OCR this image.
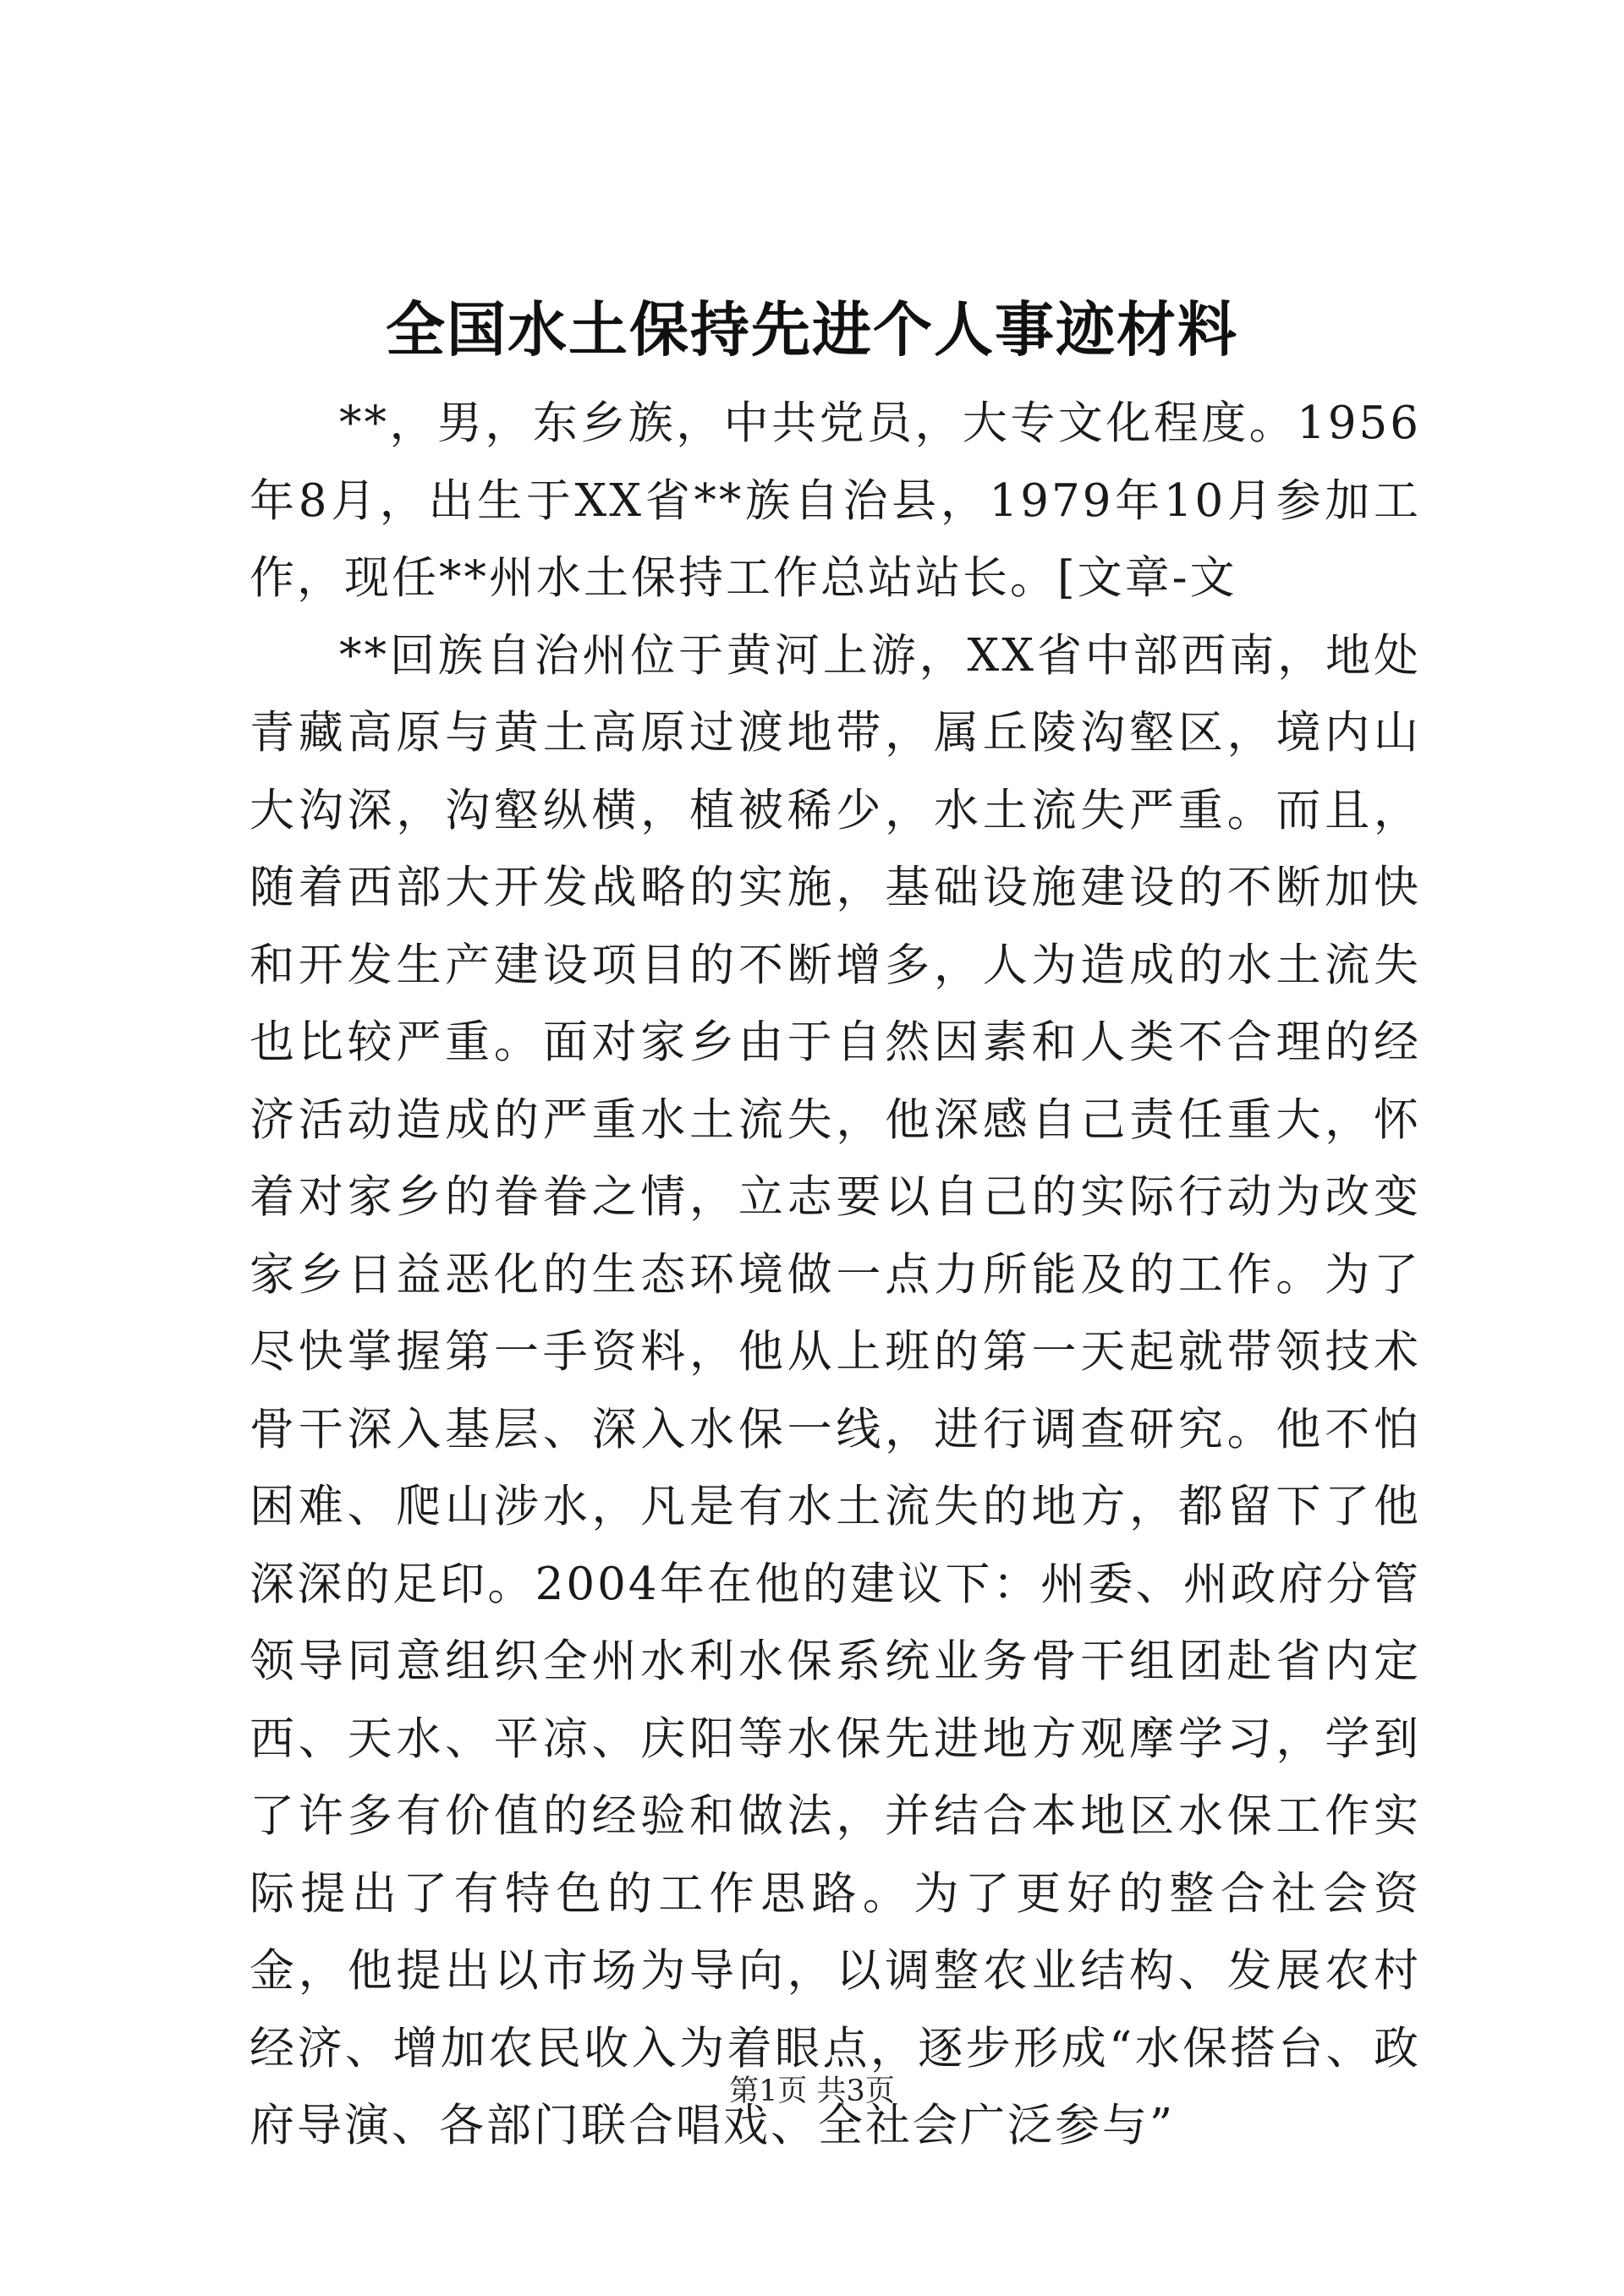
全国水土保持先进个人事迹材料

**，男，东乡族，中共党员，大专文化程度。1956年8月，出生于XX省**族自治县，1979年10月参加工作，现任**州水土保持工作总站站长。[文章-文

**回族自治州位于黄河上游，XX省中部西南，地处青藏高原与黄土高原过渡地带，属丘陵沟壑区，境内山大沟深，沟壑纵横，植被稀少，水土流失严重。而且，随着西部大开发战略的实施，基础设施建设的不断加快和开发生产建设项目的不断增多，人为造成的水土流失也比较严重。面对家乡由于自然因素和人类不合理的经济活动造成的严重水土流失，他深感自己责任重大，怀着对家乡的眷眷之情，立志要以自己的实际行动为改变家乡日益恶化的生态环境做一点力所能及的工作。为了尽快掌握第一手资料，他从上班的第一天起就带领技术骨干深入基层、深入水保一线，进行调查研究。他不怕困难、爬山涉水，凡是有水土流失的地方，都留下了他深深的足印。2004年在他的建议下：州委、州政府分管领导同意组织全州水利水保系统业务骨干组团赴省内定西、天水、平凉、庆阳等水保先进地方观摩学习，学到了许多有价值的经验和做法，并结合本地区水保工作实际提出了有特色的工作思路。为了更好的整合社会资金，他提出以市场为导向，以调整农业结构、发展农村经济、增加农民收入为着眼点，逐步形成“水保搭台、政府导演、各部门联合唱戏、全社会广泛参与”

第1页 共3页
